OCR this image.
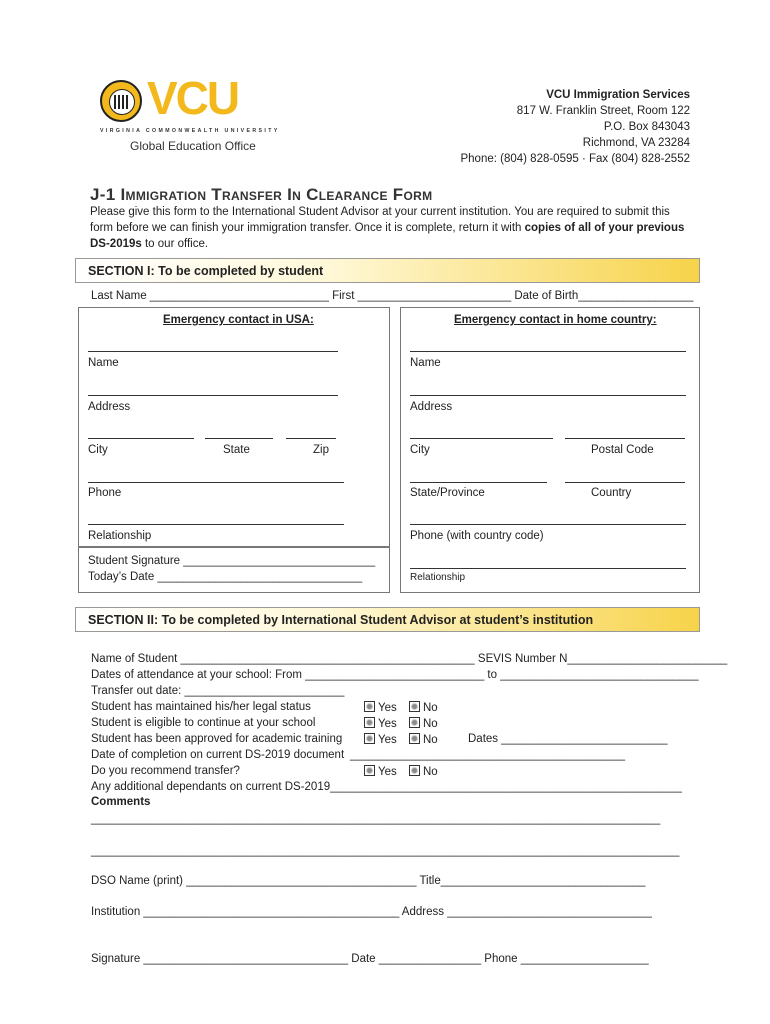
VCU
VIRGINIA COMMONWEALTH UNIVERSITY
Global Education Office
VCU Immigration Services
817 W. Franklin Street, Room 122
P.O. Box 843043
Richmond, VA 23284
Phone: (804) 828-0595 · Fax (804) 828-2552
J-1 Immigration Transfer In Clearance Form
Please give this form to the International Student Advisor at your current institution. You are required to submit this form before we can finish your immigration transfer. Once it is complete, return it with copies of all of your previous DS-2019s to our office.
SECTION I: To be completed by student
Last Name ____________________________ First ________________________ Date of Birth__________________
Emergency contact in USA:	Emergency contact in home country:
Name
Address
City	State	Zip
Phone
Relationship
Student Signature ______________________________
Today’s Date ________________________________
Name
Address
City	Postal Code
State/Province	Country
Phone (with country code)
Relationship
SECTION II: To be completed by International Student Advisor at student’s institution
Name of Student ______________________________________________ SEVIS Number N_________________________
Dates of attendance at your school: From ____________________________ to _______________________________
Transfer out date: _________________________
Student has maintained his/her legal status	Yes	No
Student is eligible to continue at your school	Yes	No
Student has been approved for academic training	Yes	No	Dates __________________________
Date of completion on current DS-2019 document ___________________________________________
Do you recommend transfer?	Yes	No
Any additional dependants on current DS-2019_______________________________________________________
Comments
_________________________________________________________________________________________
____________________________________________________________________________________________
DSO Name (print) ____________________________________ Title________________________________
Institution ________________________________________ Address ________________________________
Signature ________________________________ Date ________________ Phone ____________________
